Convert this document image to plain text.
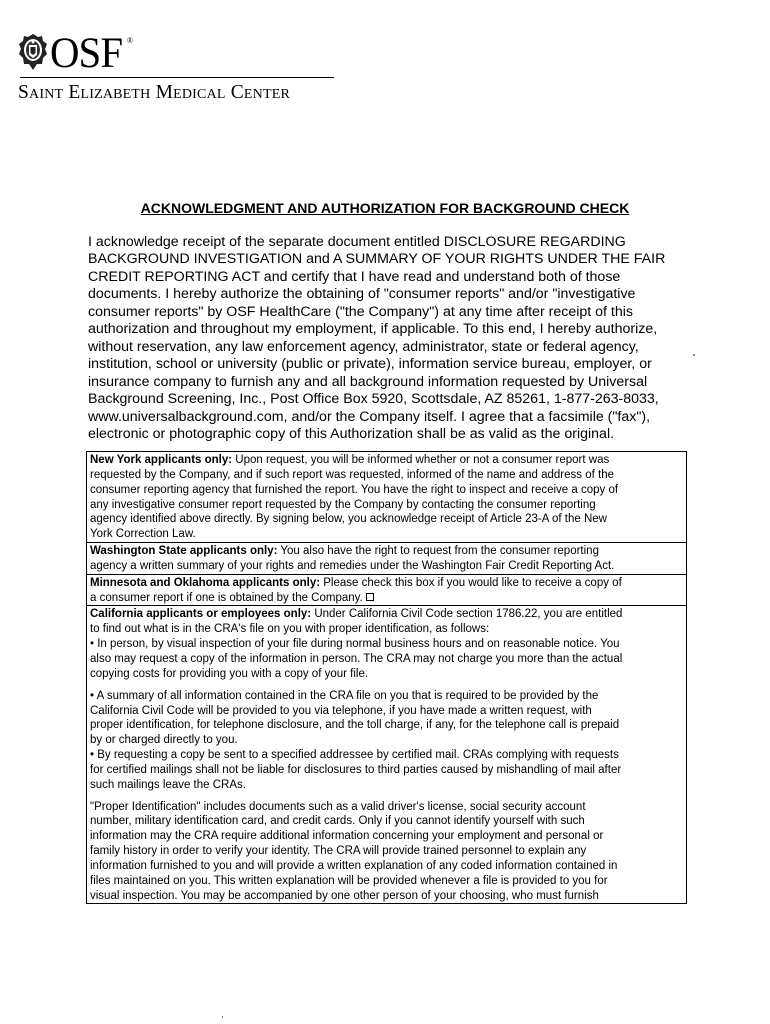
OSF ®
Saint Elizabeth Medical Center
ACKNOWLEDGMENT AND AUTHORIZATION FOR BACKGROUND CHECK

I acknowledge receipt of the separate document entitled DISCLOSURE REGARDING
BACKGROUND INVESTIGATION and A SUMMARY OF YOUR RIGHTS UNDER THE FAIR
CREDIT REPORTING ACT and certify that I have read and understand both of those
documents. I hereby authorize the obtaining of "consumer reports" and/or "investigative
consumer reports" by OSF HealthCare ("the Company") at any time after receipt of this
authorization and throughout my employment, if applicable. To this end, I hereby authorize,
without reservation, any law enforcement agency, administrator, state or federal agency,
institution, school or university (public or private), information service bureau, employer, or
insurance company to furnish any and all background information requested by Universal
Background Screening, Inc., Post Office Box 5920, Scottsdale, AZ 85261, 1-877-263-8033,
www.universalbackground.com, and/or the Company itself. I agree that a facsimile ("fax"),
electronic or photographic copy of this Authorization shall be as valid as the original.

New York applicants only: Upon request, you will be informed whether or not a consumer report was
requested by the Company, and if such report was requested, informed of the name and address of the
consumer reporting agency that furnished the report. You have the right to inspect and receive a copy of
any investigative consumer report requested by the Company by contacting the consumer reporting
agency identified above directly. By signing below, you acknowledge receipt of Article 23-A of the New
York Correction Law.

Washington State applicants only: You also have the right to request from the consumer reporting
agency a written summary of your rights and remedies under the Washington Fair Credit Reporting Act.

Minnesota and Oklahoma applicants only: Please check this box if you would like to receive a copy of
a consumer report if one is obtained by the Company.

California applicants or employees only: Under California Civil Code section 1786.22, you are entitled
to find out what is in the CRA's file on you with proper identification, as follows:
• In person, by visual inspection of your file during normal business hours and on reasonable notice. You
also may request a copy of the information in person. The CRA may not charge you more than the actual
copying costs for providing you with a copy of your file.

• A summary of all information contained in the CRA file on you that is required to be provided by the
California Civil Code will be provided to you via telephone, if you have made a written request, with
proper identification, for telephone disclosure, and the toll charge, if any, for the telephone call is prepaid
by or charged directly to you.
• By requesting a copy be sent to a specified addressee by certified mail. CRAs complying with requests
for certified mailings shall not be liable for disclosures to third parties caused by mishandling of mail after
such mailings leave the CRAs.

"Proper Identification" includes documents such as a valid driver's license, social security account
number, military identification card, and credit cards. Only if you cannot identify yourself with such
information may the CRA require additional information concerning your employment and personal or
family history in order to verify your identity. The CRA will provide trained personnel to explain any
information furnished to you and will provide a written explanation of any coded information contained in
files maintained on you. This written explanation will be provided whenever a file is provided to you for
visual inspection. You may be accompanied by one other person of your choosing, who must furnish
